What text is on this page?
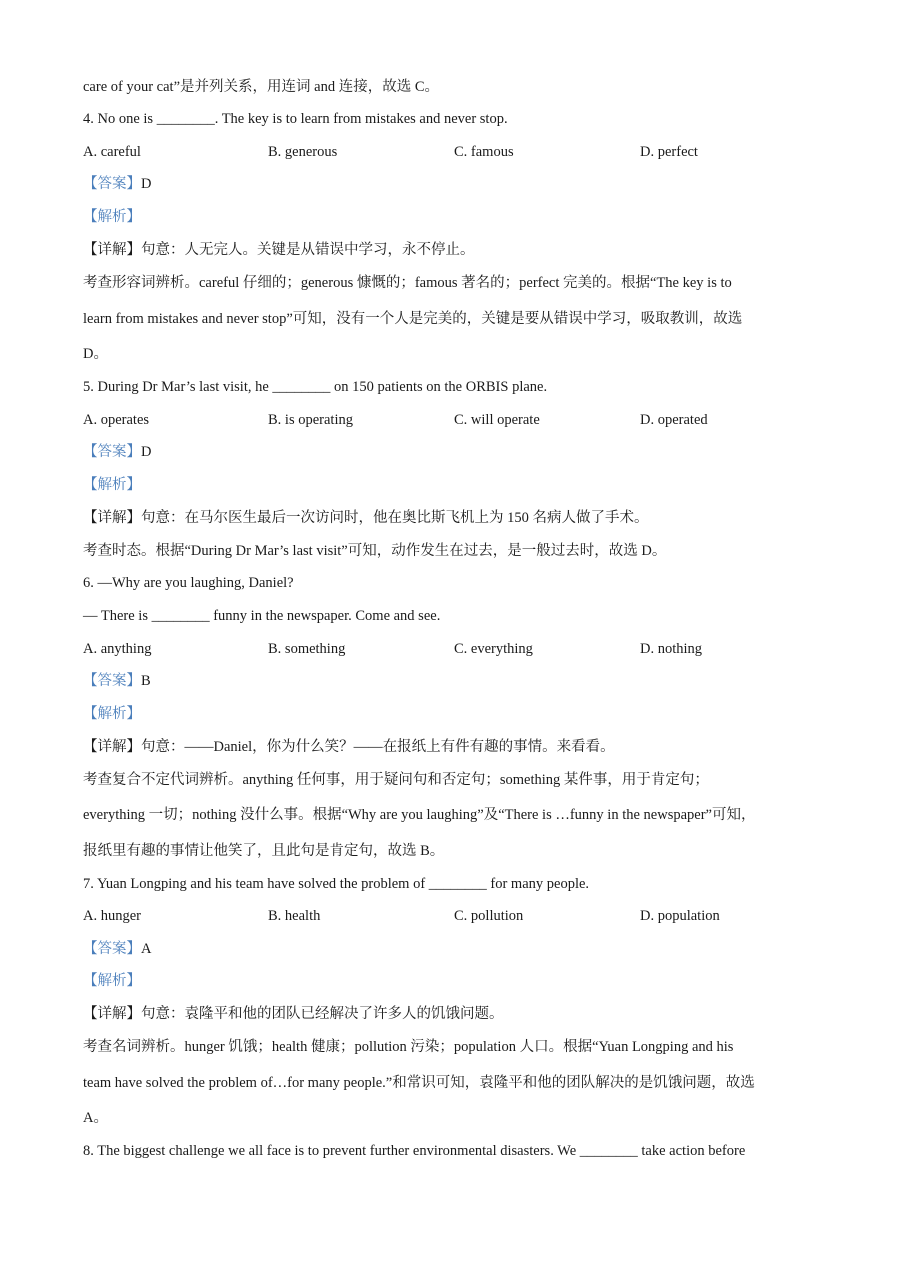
care of your cat”是并列关系，用连词 and 连接，故选 C。
4. No one is ________. The key is to learn from mistakes and never stop.
A. careful	B. generous	C. famous	D. perfect
【答案】D
【解析】
【详解】句意：人无完人。关键是从错误中学习，永不停止。
考查形容词辨析。careful 仔细的；generous 慷慨的；famous 著名的；perfect 完美的。根据“The key is to
learn from mistakes and never stop”可知，没有一个人是完美的，关键是要从错误中学习，吸取教训，故选
D。
5. During Dr Mar’s last visit, he ________ on 150 patients on the ORBIS plane.
A. operates	B. is operating	C. will operate	D. operated
【答案】D
【解析】
【详解】句意：在马尔医生最后一次访问时，他在奥比斯飞机上为 150 名病人做了手术。
考查时态。根据“During Dr Mar’s last visit”可知，动作发生在过去，是一般过去时，故选 D。
6. —Why are you laughing, Daniel?
— There is ________ funny in the newspaper. Come and see.
A. anything	B. something	C. everything	D. nothing
【答案】B
【解析】
【详解】句意：——Daniel，你为什么笑？——在报纸上有件有趣的事情。来看看。
考查复合不定代词辨析。anything 任何事，用于疑问句和否定句；something 某件事，用于肯定句；
everything 一切；nothing 没什么事。根据“Why are you laughing”及“There is …funny in the newspaper”可知，
报纸里有趣的事情让他笑了，且此句是肯定句，故选 B。
7. Yuan Longping and his team have solved the problem of ________ for many people.
A. hunger	B. health	C. pollution	D. population
【答案】A
【解析】
【详解】句意：袁隆平和他的团队已经解决了许多人的饥饿问题。
考查名词辨析。hunger 饥饿；health 健康；pollution 污染；population 人口。根据“Yuan Longping and his
team have solved the problem of…for many people.”和常识可知，袁隆平和他的团队解决的是饥饿问题，故选
A。
8. The biggest challenge we all face is to prevent further environmental disasters. We ________ take action before
